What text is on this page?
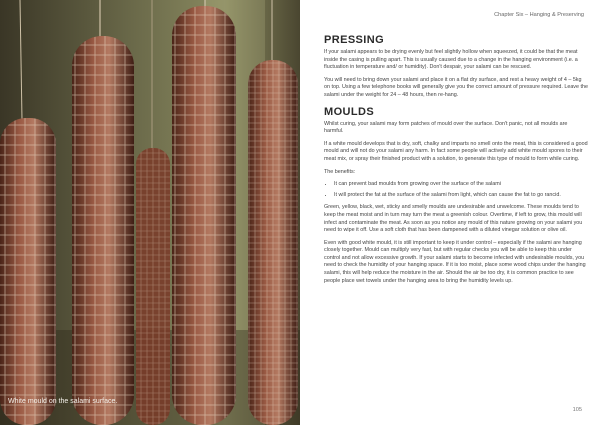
White mould on the salami surface.
Chapter Six – Hanging & Preserving
PRESSING

If your salami appears to be drying evenly but feel slightly hollow when squeezed, it could be that the meat inside the casing is pulling apart. This is usually caused due to a change in the hanging environment (i.e. a fluctuation in temperature and/ or humidity). Don't despair, your salami can be rescued.

You will need to bring down your salami and place it on a flat dry surface, and rest a heavy weight of 4 – 5kg on top. Using a few telephone books will generally give you the correct amount of pressure required. Leave the salami under the weight for 24 – 48 hours, then re-hang.

MOULDS

Whilst curing, your salami may form patches of mould over the surface. Don't panic, not all moulds are harmful.

If a white mould develops that is dry, soft, chalky and imparts no smell onto the meat, this is considered a good mould and will not do your salami any harm. In fact some people will actively add white mould spores to their meat mix, or spray their finished product with a solution, to generate this type of mould to form while curing.

The benefits:

• It can prevent bad moulds from growing over the surface of the salami
• It will protect the fat at the surface of the salami from light, which can cause the fat to go rancid.

Green, yellow, black, wet, sticky and smelly moulds are undesirable and unwelcome. These moulds tend to keep the meat moist and in turn may turn the meat a greenish colour. Overtime, if left to grow, this mould will infect and contaminate the meat. As soon as you notice any mould of this nature growing on your salami you need to wipe it off. Use a soft cloth that has been dampened with a diluted vinegar solution or olive oil.

Even with good white mould, it is still important to keep it under control – especially if the salami are hanging closely together. Mould can multiply very fast, but with regular checks you will be able to keep this under control and not allow excessive growth. If your salami starts to become infected with undesirable moulds, you need to check the humidity of your hanging space. If it is too moist, place some wood chips under the hanging salami, this will help reduce the moisture in the air. Should the air be too dry, it is common practice to see people place wet towels under the hanging area to bring the humidity levels up.

105
